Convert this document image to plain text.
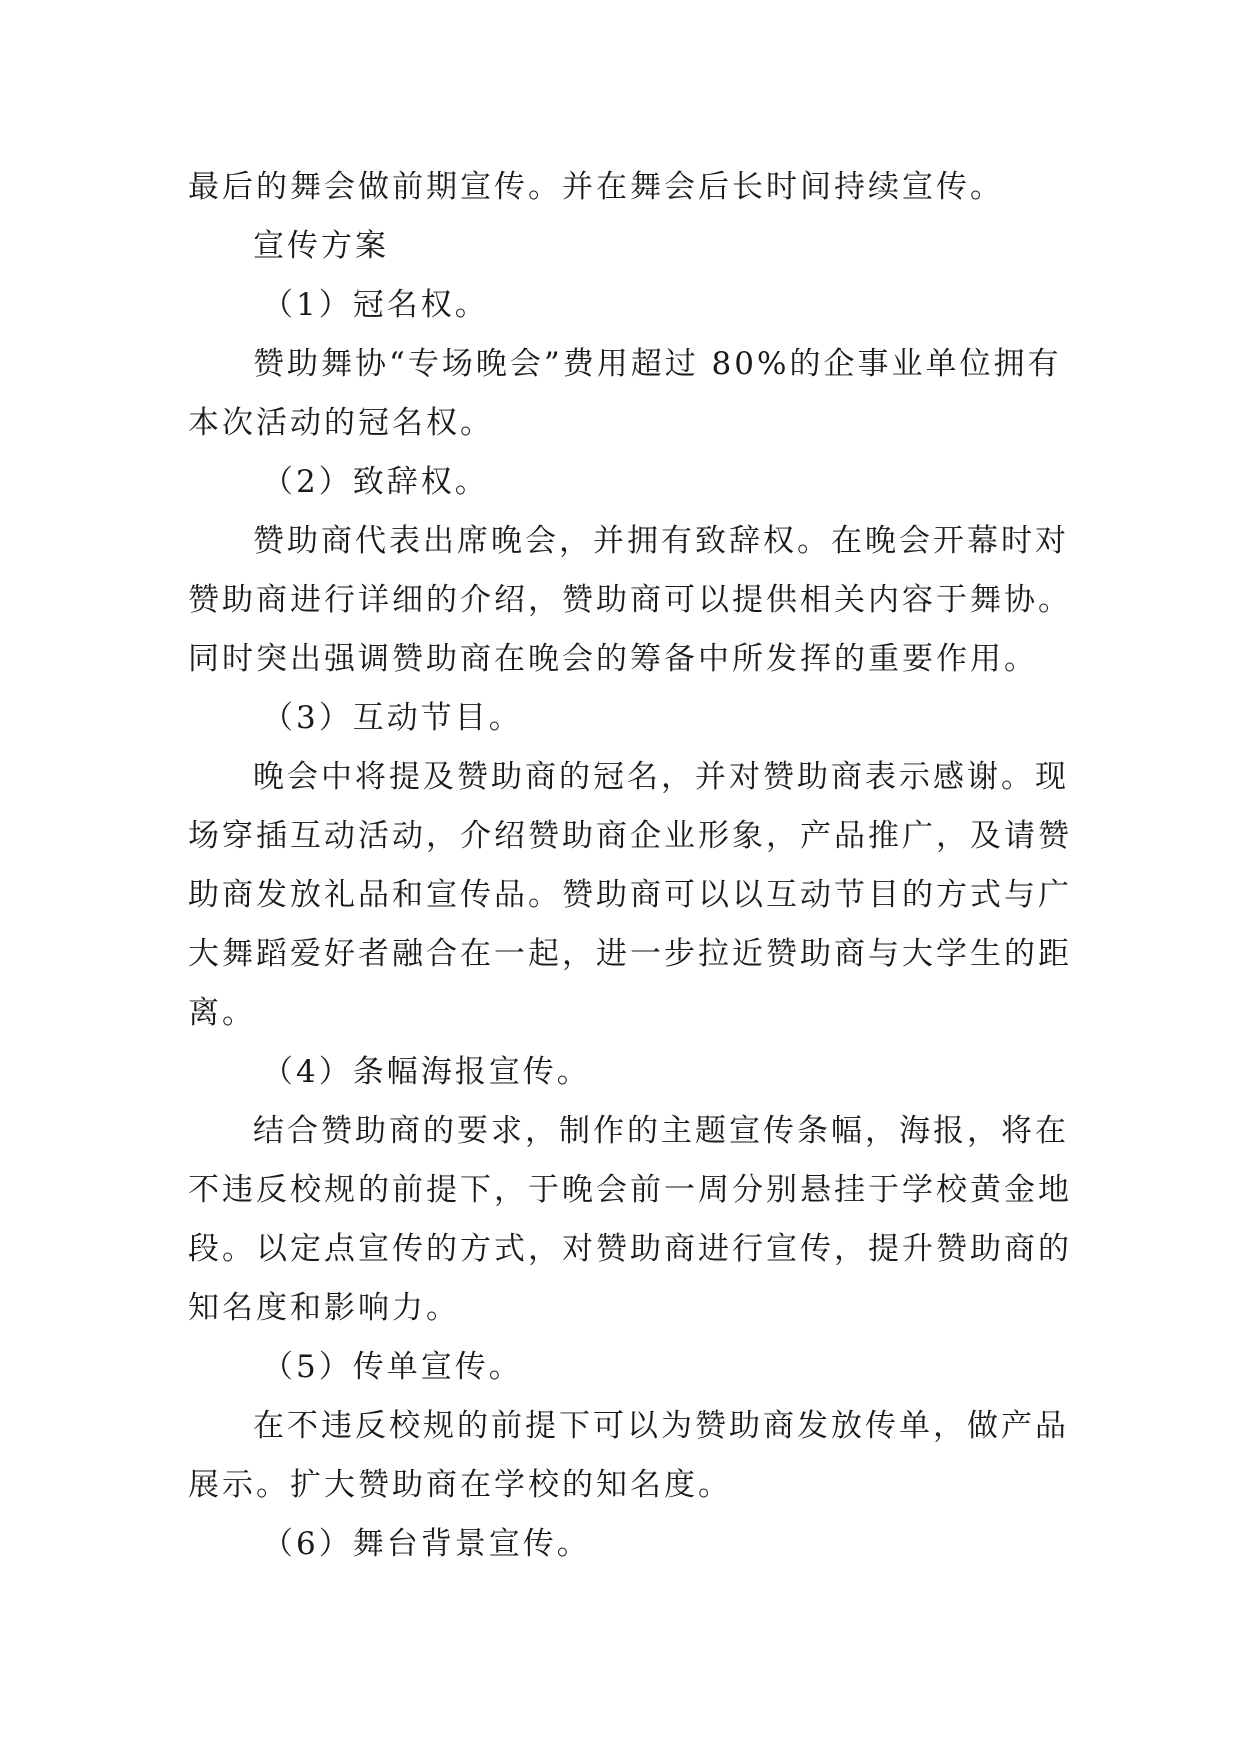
最后的舞会做前期宣传。并在舞会后长时间持续宣传。
宣传方案
（1）冠名权。
赞助舞协“专场晚会”费用超过 80%的企事业单位拥有
本次活动的冠名权。
（2）致辞权。
赞助商代表出席晚会，并拥有致辞权。在晚会开幕时对
赞助商进行详细的介绍，赞助商可以提供相关内容于舞协。
同时突出强调赞助商在晚会的筹备中所发挥的重要作用。
（3）互动节目。
晚会中将提及赞助商的冠名，并对赞助商表示感谢。现
场穿插互动活动，介绍赞助商企业形象，产品推广，及请赞
助商发放礼品和宣传品。赞助商可以以互动节目的方式与广
大舞蹈爱好者融合在一起，进一步拉近赞助商与大学生的距
离。
（4）条幅海报宣传。
结合赞助商的要求，制作的主题宣传条幅，海报，将在
不违反校规的前提下，于晚会前一周分别悬挂于学校黄金地
段。以定点宣传的方式，对赞助商进行宣传，提升赞助商的
知名度和影响力。
（5）传单宣传。
在不违反校规的前提下可以为赞助商发放传单，做产品
展示。扩大赞助商在学校的知名度。
（6）舞台背景宣传。
